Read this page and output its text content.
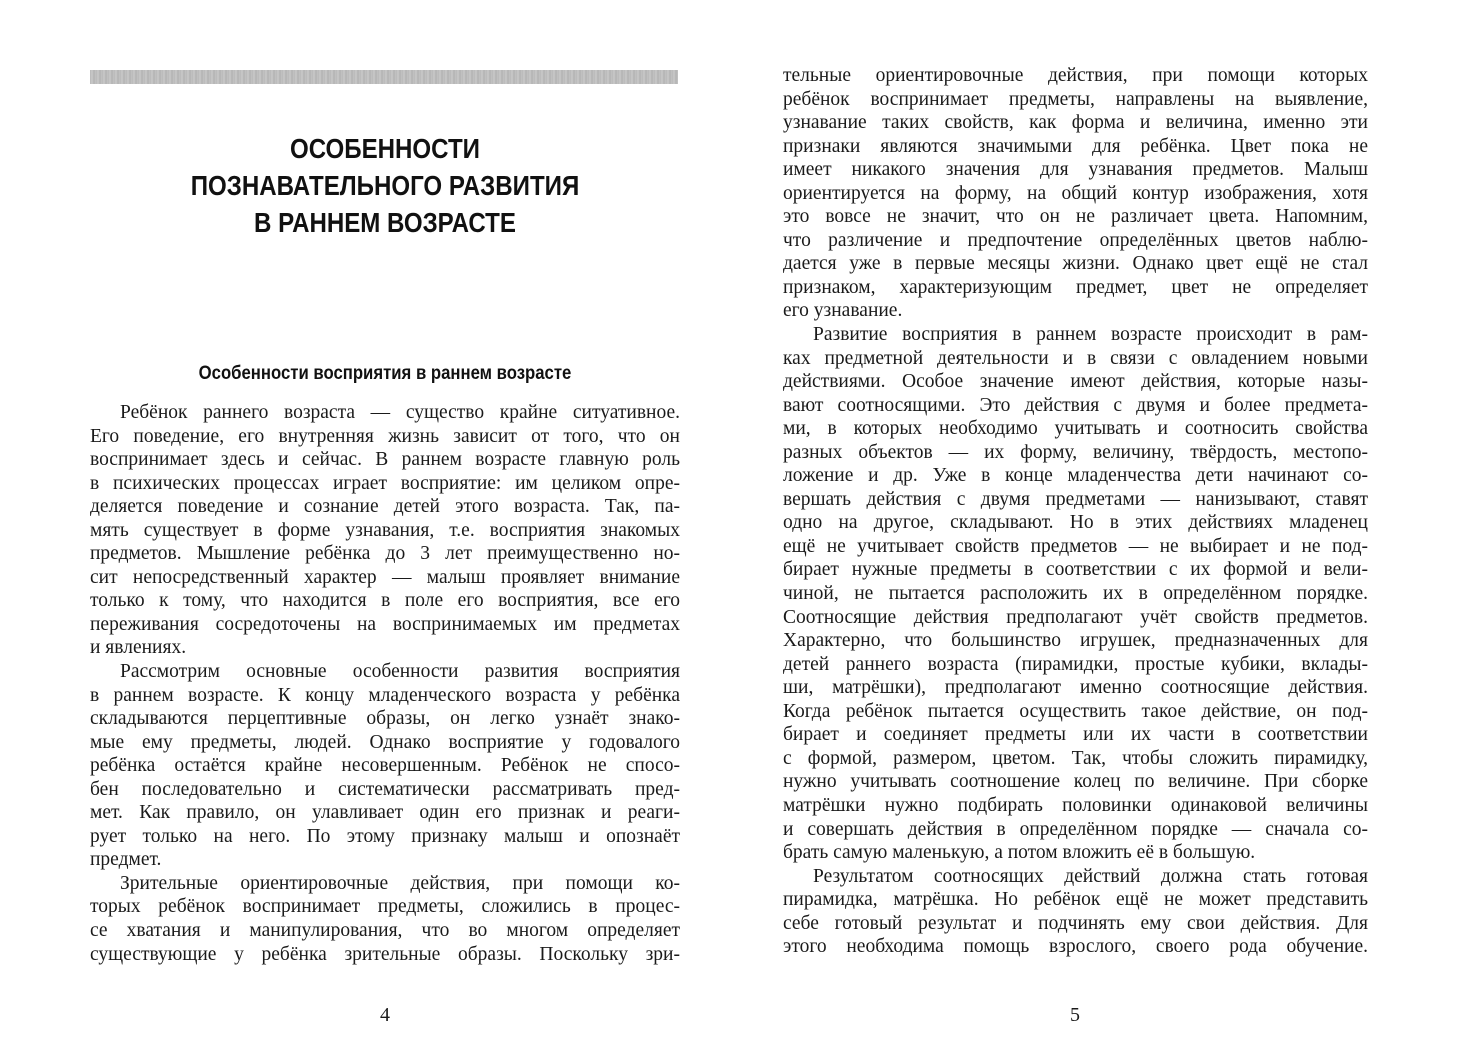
ОСОБЕННОСТИ
ПОЗНАВАТЕЛЬНОГО РАЗВИТИЯ
В РАННЕМ ВОЗРАСТЕ
Особенности восприятия в раннем возрасте
Ребёнок раннего возраста — существо крайне ситуативное.
Его поведение, его внутренняя жизнь зависит от того, что он
воспринимает здесь и сейчас. В раннем возрасте главную роль
в психических процессах играет восприятие: им целиком опре-
деляется поведение и сознание детей этого возраста. Так, па-
мять существует в форме узнавания, т.е. восприятия знакомых
предметов. Мышление ребёнка до 3 лет преимущественно но-
сит непосредственный характер — малыш проявляет внимание
только к тому, что находится в поле его восприятия, все его
переживания сосредоточены на воспринимаемых им предметах
и явлениях.
Рассмотрим основные особенности развития восприятия
в раннем возрасте. К концу младенческого возраста у ребёнка
складываются перцептивные образы, он легко узнаёт знако-
мые ему предметы, людей. Однако восприятие у годовалого
ребёнка остаётся крайне несовершенным. Ребёнок не спосо-
бен последовательно и систематически рассматривать пред-
мет. Как правило, он улавливает один его признак и реаги-
рует только на него. По этому признаку малыш и опознаёт
предмет.
Зрительные ориентировочные действия, при помощи ко-
торых ребёнок воспринимает предметы, сложились в процес-
се хватания и манипулирования, что во многом определяет
существующие у ребёнка зрительные образы. Поскольку зри-
4
тельные ориентировочные действия, при помощи которых
ребёнок воспринимает предметы, направлены на выявление,
узнавание таких свойств, как форма и величина, именно эти
признаки являются значимыми для ребёнка. Цвет пока не
имеет никакого значения для узнавания предметов. Малыш
ориентируется на форму, на общий контур изображения, хотя
это вовсе не значит, что он не различает цвета. Напомним,
что различение и предпочтение определённых цветов наблю-
дается уже в первые месяцы жизни. Однако цвет ещё не стал
признаком, характеризующим предмет, цвет не определяет
его узнавание.
Развитие восприятия в раннем возрасте происходит в рам-
ках предметной деятельности и в связи с овладением новыми
действиями. Особое значение имеют действия, которые назы-
вают соотносящими. Это действия с двумя и более предмета-
ми, в которых необходимо учитывать и соотносить свойства
разных объектов — их форму, величину, твёрдость, местопо-
ложение и др. Уже в конце младенчества дети начинают со-
вершать действия с двумя предметами — нанизывают, ставят
одно на другое, складывают. Но в этих действиях младенец
ещё не учитывает свойств предметов — не выбирает и не под-
бирает нужные предметы в соответствии с их формой и вели-
чиной, не пытается расположить их в определённом порядке.
Соотносящие действия предполагают учёт свойств предметов.
Характерно, что большинство игрушек, предназначенных для
детей раннего возраста (пирамидки, простые кубики, вклады-
ши, матрёшки), предполагают именно соотносящие действия.
Когда ребёнок пытается осуществить такое действие, он под-
бирает и соединяет предметы или их части в соответствии
с формой, размером, цветом. Так, чтобы сложить пирамидку,
нужно учитывать соотношение колец по величине. При сборке
матрёшки нужно подбирать половинки одинаковой величины
и совершать действия в определённом порядке — сначала со-
брать самую маленькую, а потом вложить её в большую.
Результатом соотносящих действий должна стать готовая
пирамидка, матрёшка. Но ребёнок ещё не может представить
себе готовый результат и подчинять ему свои действия. Для
этого необходима помощь взрослого, своего рода обучение.
5
